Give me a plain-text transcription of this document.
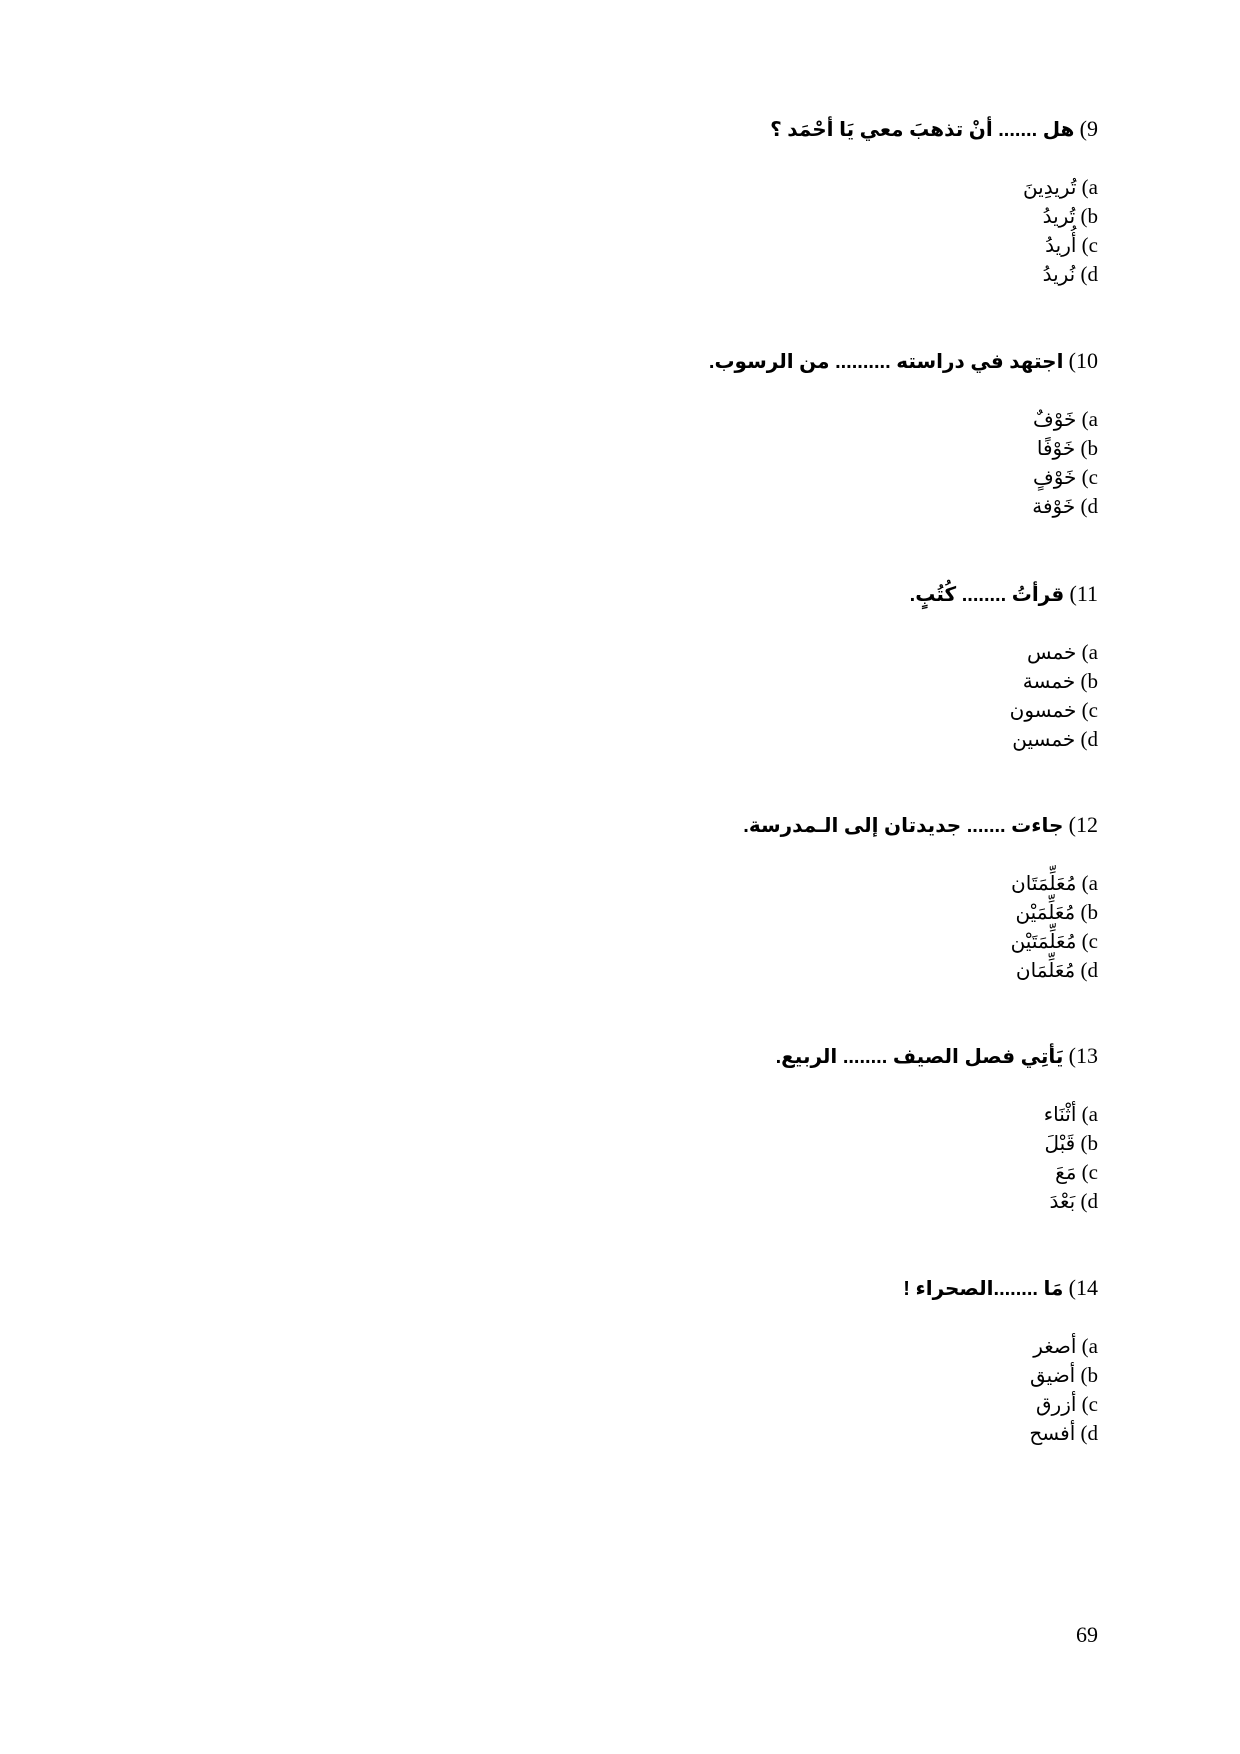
9) هل ....... أنْ تذهبَ معي يَا أحْمَد ؟
a) تُريدِينَ
b) تُريدُ
c) أُريدُ
d) نُريدُ
10) اجتهد في دراسته .......... من الرسوب.
a) خَوْفٌ
b) خَوْفًا
c) خَوْفٍ
d) خَوْفة
11) قرأتُ ........ كُتُبٍ.
a) خمس
b) خمسة
c) خمسون
d) خمسين
12) جاءت ....... جديدتان إلى الـمدرسة.
a) مُعَلِّمَتَان
b) مُعَلِّمَيْن
c) مُعَلِّمَتَيْن
d) مُعَلِّمَان
13) يَأتِي فصل الصيف ........ الربيع.
a) أثْنَاء
b) قَبْلَ
c) مَعَ
d) بَعْدَ
14) مَا ........الصحراء !
a) أصغر
b) أضيق
c) أزرق
d) أفسح
69
